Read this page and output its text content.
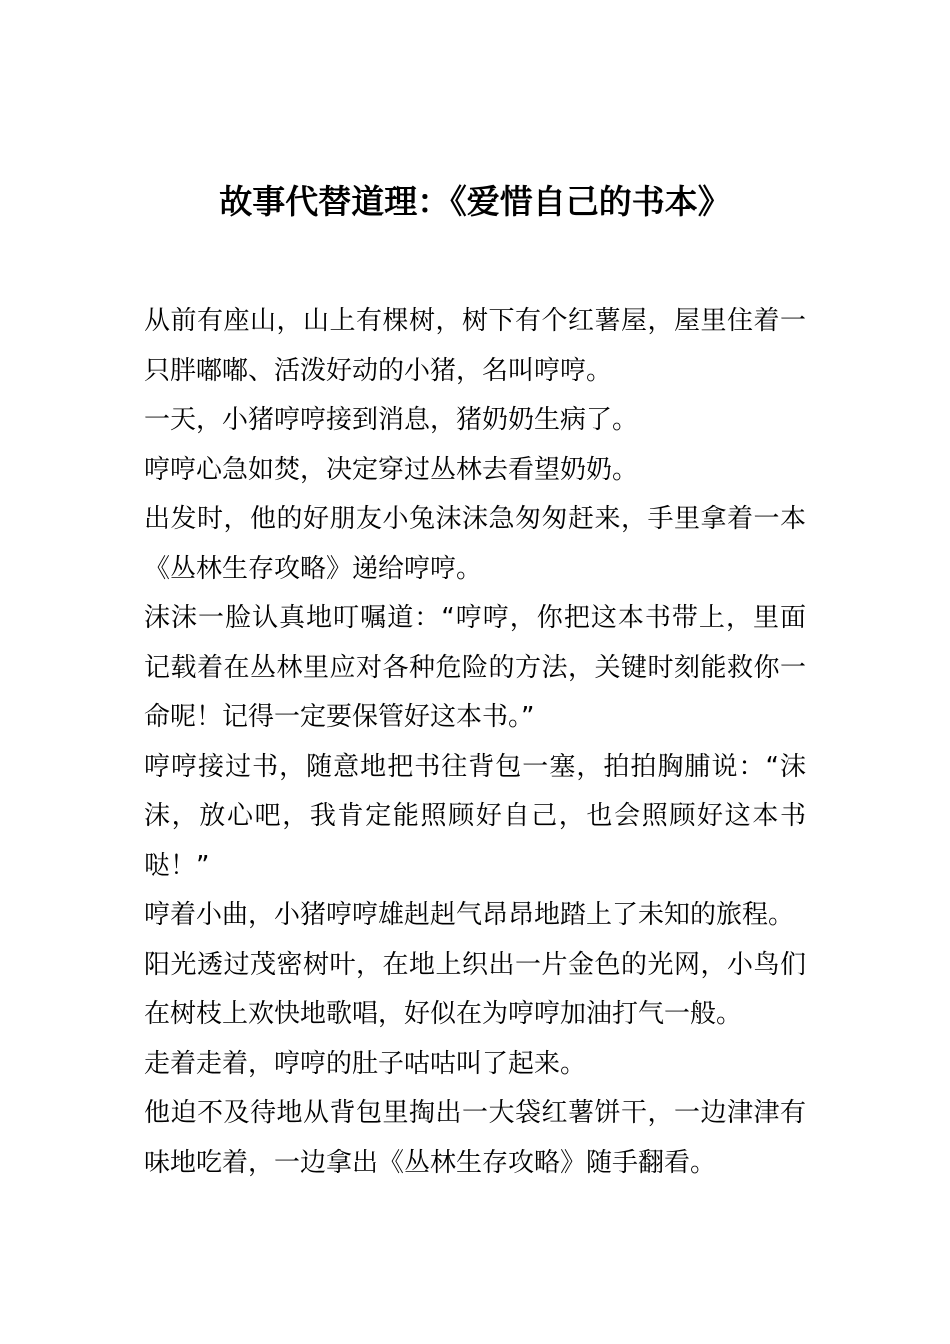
故事代替道理：《爱惜自己的书本》

从前有座山，山上有棵树，树下有个红薯屋，屋里住着一只胖嘟嘟、活泼好动的小猪，名叫哼哼。

一天，小猪哼哼接到消息，猪奶奶生病了。

哼哼心急如焚，决定穿过丛林去看望奶奶。

出发时，他的好朋友小兔沫沫急匆匆赶来，手里拿着一本《丛林生存攻略》递给哼哼。

沫沫一脸认真地叮嘱道：“哼哼，你把这本书带上，里面记载着在丛林里应对各种危险的方法，关键时刻能救你一命呢！记得一定要保管好这本书。”

哼哼接过书，随意地把书往背包一塞，拍拍胸脯说：“沫沫，放心吧，我肯定能照顾好自己，也会照顾好这本书哒！”

哼着小曲，小猪哼哼雄赳赳气昂昂地踏上了未知的旅程。

阳光透过茂密树叶，在地上织出一片金色的光网，小鸟们在树枝上欢快地歌唱，好似在为哼哼加油打气一般。

走着走着，哼哼的肚子咕咕叫了起来。

他迫不及待地从背包里掏出一大袋红薯饼干，一边津津有味地吃着，一边拿出《丛林生存攻略》随手翻看。
